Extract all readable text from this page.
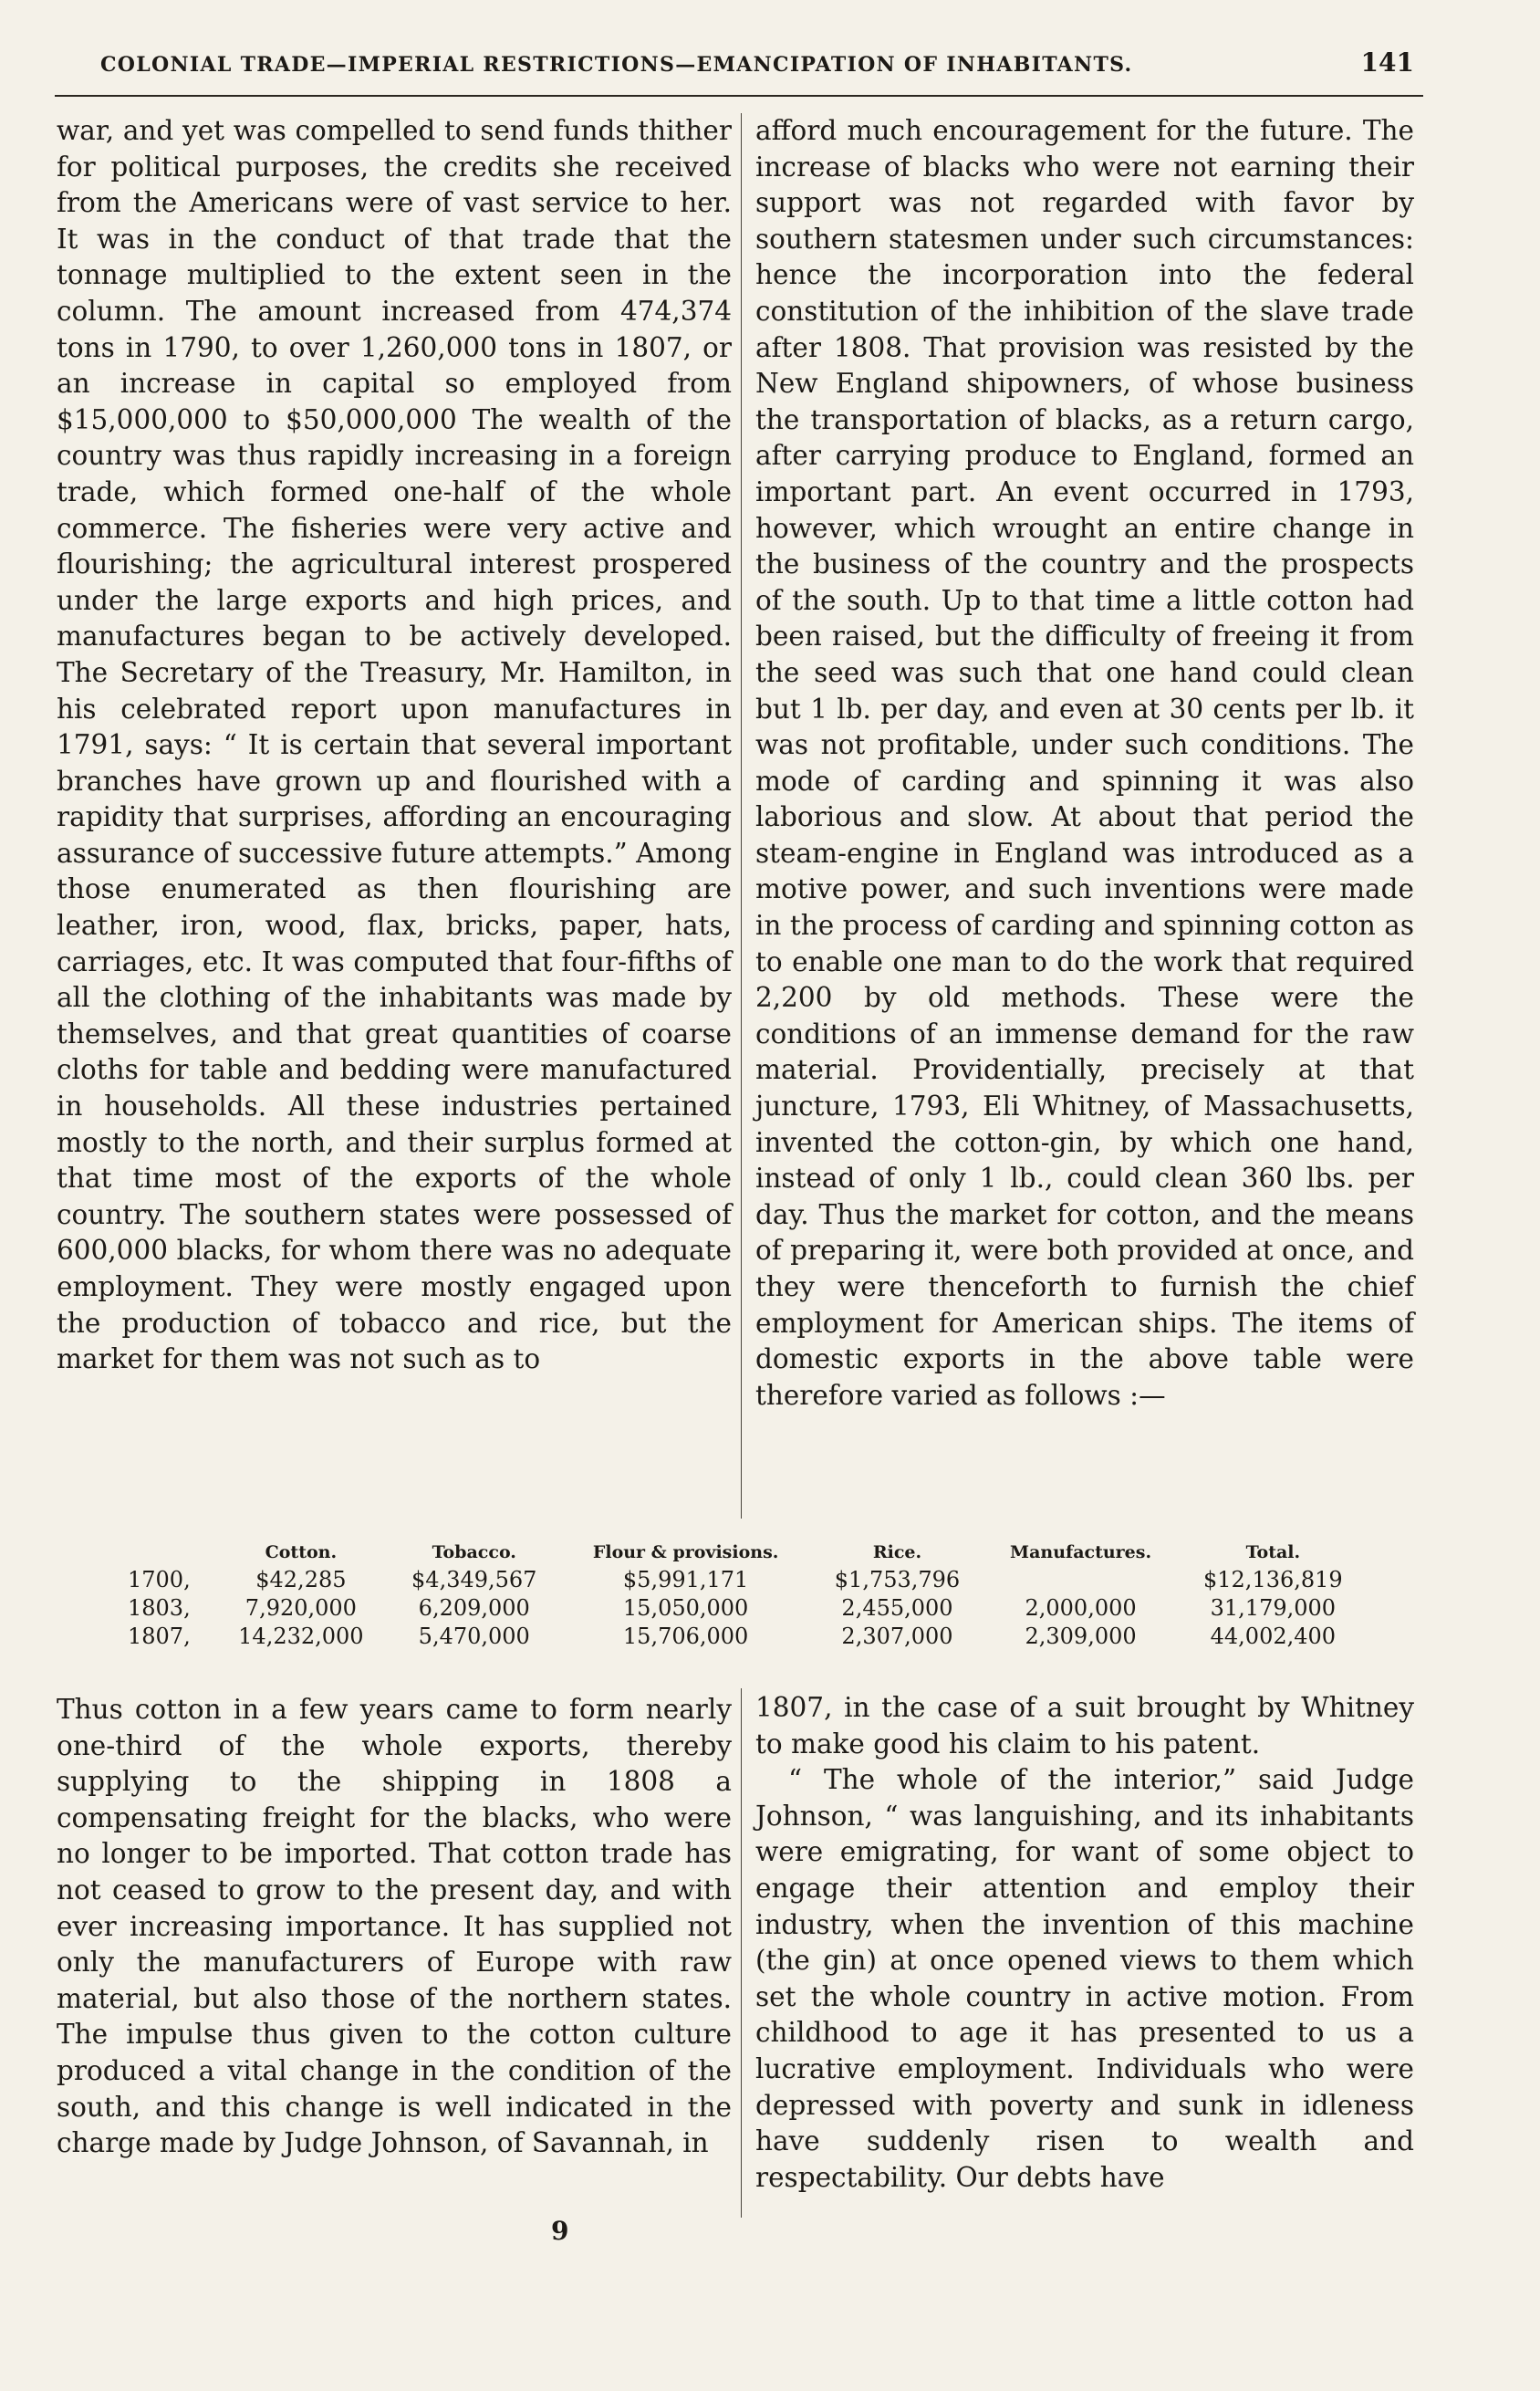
COLONIAL TRADE—IMPERIAL RESTRICTIONS—EMANCIPATION OF INHABITANTS.	141

war, and yet was compelled to send funds thither for political purposes, the credits she received from the Americans were of vast service to her. It was in the conduct of that trade that the tonnage multiplied to the extent seen in the column. The amount increased from 474,374 tons in 1790, to over 1,260,000 tons in 1807, or an increase in capital so employed from $15,000,000 to $50,000,000 The wealth of the country was thus rapidly increasing in a foreign trade, which formed one-half of the whole commerce. The fisheries were very active and flourishing; the agricultural interest prospered under the large exports and high prices, and manufactures began to be actively developed. The Secretary of the Treasury, Mr. Hamilton, in his celebrated report upon manufactures in 1791, says: “ It is certain that several important branches have grown up and flourished with a rapidity that surprises, affording an encouraging assurance of successive future attempts.” Among those enumerated as then flourishing are leather, iron, wood, flax, bricks, paper, hats, carriages, etc. It was computed that four-fifths of all the clothing of the inhabitants was made by themselves, and that great quantities of coarse cloths for table and bedding were manufactured in households. All these industries pertained mostly to the north, and their surplus formed at that time most of the exports of the whole country. The southern states were possessed of 600,000 blacks, for whom there was no adequate employment. They were mostly engaged upon the production of tobacco and rice, but the market for them was not such as to

afford much encouragement for the future. The increase of blacks who were not earning their support was not regarded with favor by southern statesmen under such circumstances: hence the incorporation into the federal constitution of the inhibition of the slave trade after 1808. That provision was resisted by the New England shipowners, of whose business the transportation of blacks, as a return cargo, after carrying produce to England, formed an important part. An event occurred in 1793, however, which wrought an entire change in the business of the country and the prospects of the south. Up to that time a little cotton had been raised, but the difficulty of freeing it from the seed was such that one hand could clean but 1 lb. per day, and even at 30 cents per lb. it was not profitable, under such conditions. The mode of carding and spinning it was also laborious and slow. At about that period the steam-engine in England was introduced as a motive power, and such inventions were made in the process of carding and spinning cotton as to enable one man to do the work that required 2,200 by old methods. These were the conditions of an immense demand for the raw material. Providentially, precisely at that juncture, 1793, Eli Whitney, of Massachusetts, invented the cotton-gin, by which one hand, instead of only 1 lb., could clean 360 lbs. per day. Thus the market for cotton, and the means of preparing it, were both provided at once, and they were thenceforth to furnish the chief employment for American ships. The items of domestic exports in the above table were therefore varied as follows :—

	Cotton.	Tobacco.	Flour & provisions.	Rice.	Manufactures.	Total.
1700,	$42,285	$4,349,567	$5,991,171	$1,753,796		$12,136,819
1803,	7,920,000	6,209,000	15,050,000	2,455,000	2,000,000	31,179,000
1807,	14,232,000	5,470,000	15,706,000	2,307,000	2,309,000	44,002,400

Thus cotton in a few years came to form nearly one-third of the whole exports, thereby supplying to the shipping in 1808 a compensating freight for the blacks, who were no longer to be imported. That cotton trade has not ceased to grow to the present day, and with ever increasing importance. It has supplied not only the manufacturers of Europe with raw material, but also those of the northern states. The impulse thus given to the cotton culture produced a vital change in the condition of the south, and this change is well indicated in the charge made by Judge Johnson, of Savannah, in

1807, in the case of a suit brought by Whitney to make good his claim to his patent.

“ The whole of the interior,” said Judge Johnson, “ was languishing, and its inhabitants were emigrating, for want of some object to engage their attention and employ their industry, when the invention of this machine (the gin) at once opened views to them which set the whole country in active motion. From childhood to age it has presented to us a lucrative employment. Individuals who were depressed with poverty and sunk in idleness have suddenly risen to wealth and respectability. Our debts have

9
